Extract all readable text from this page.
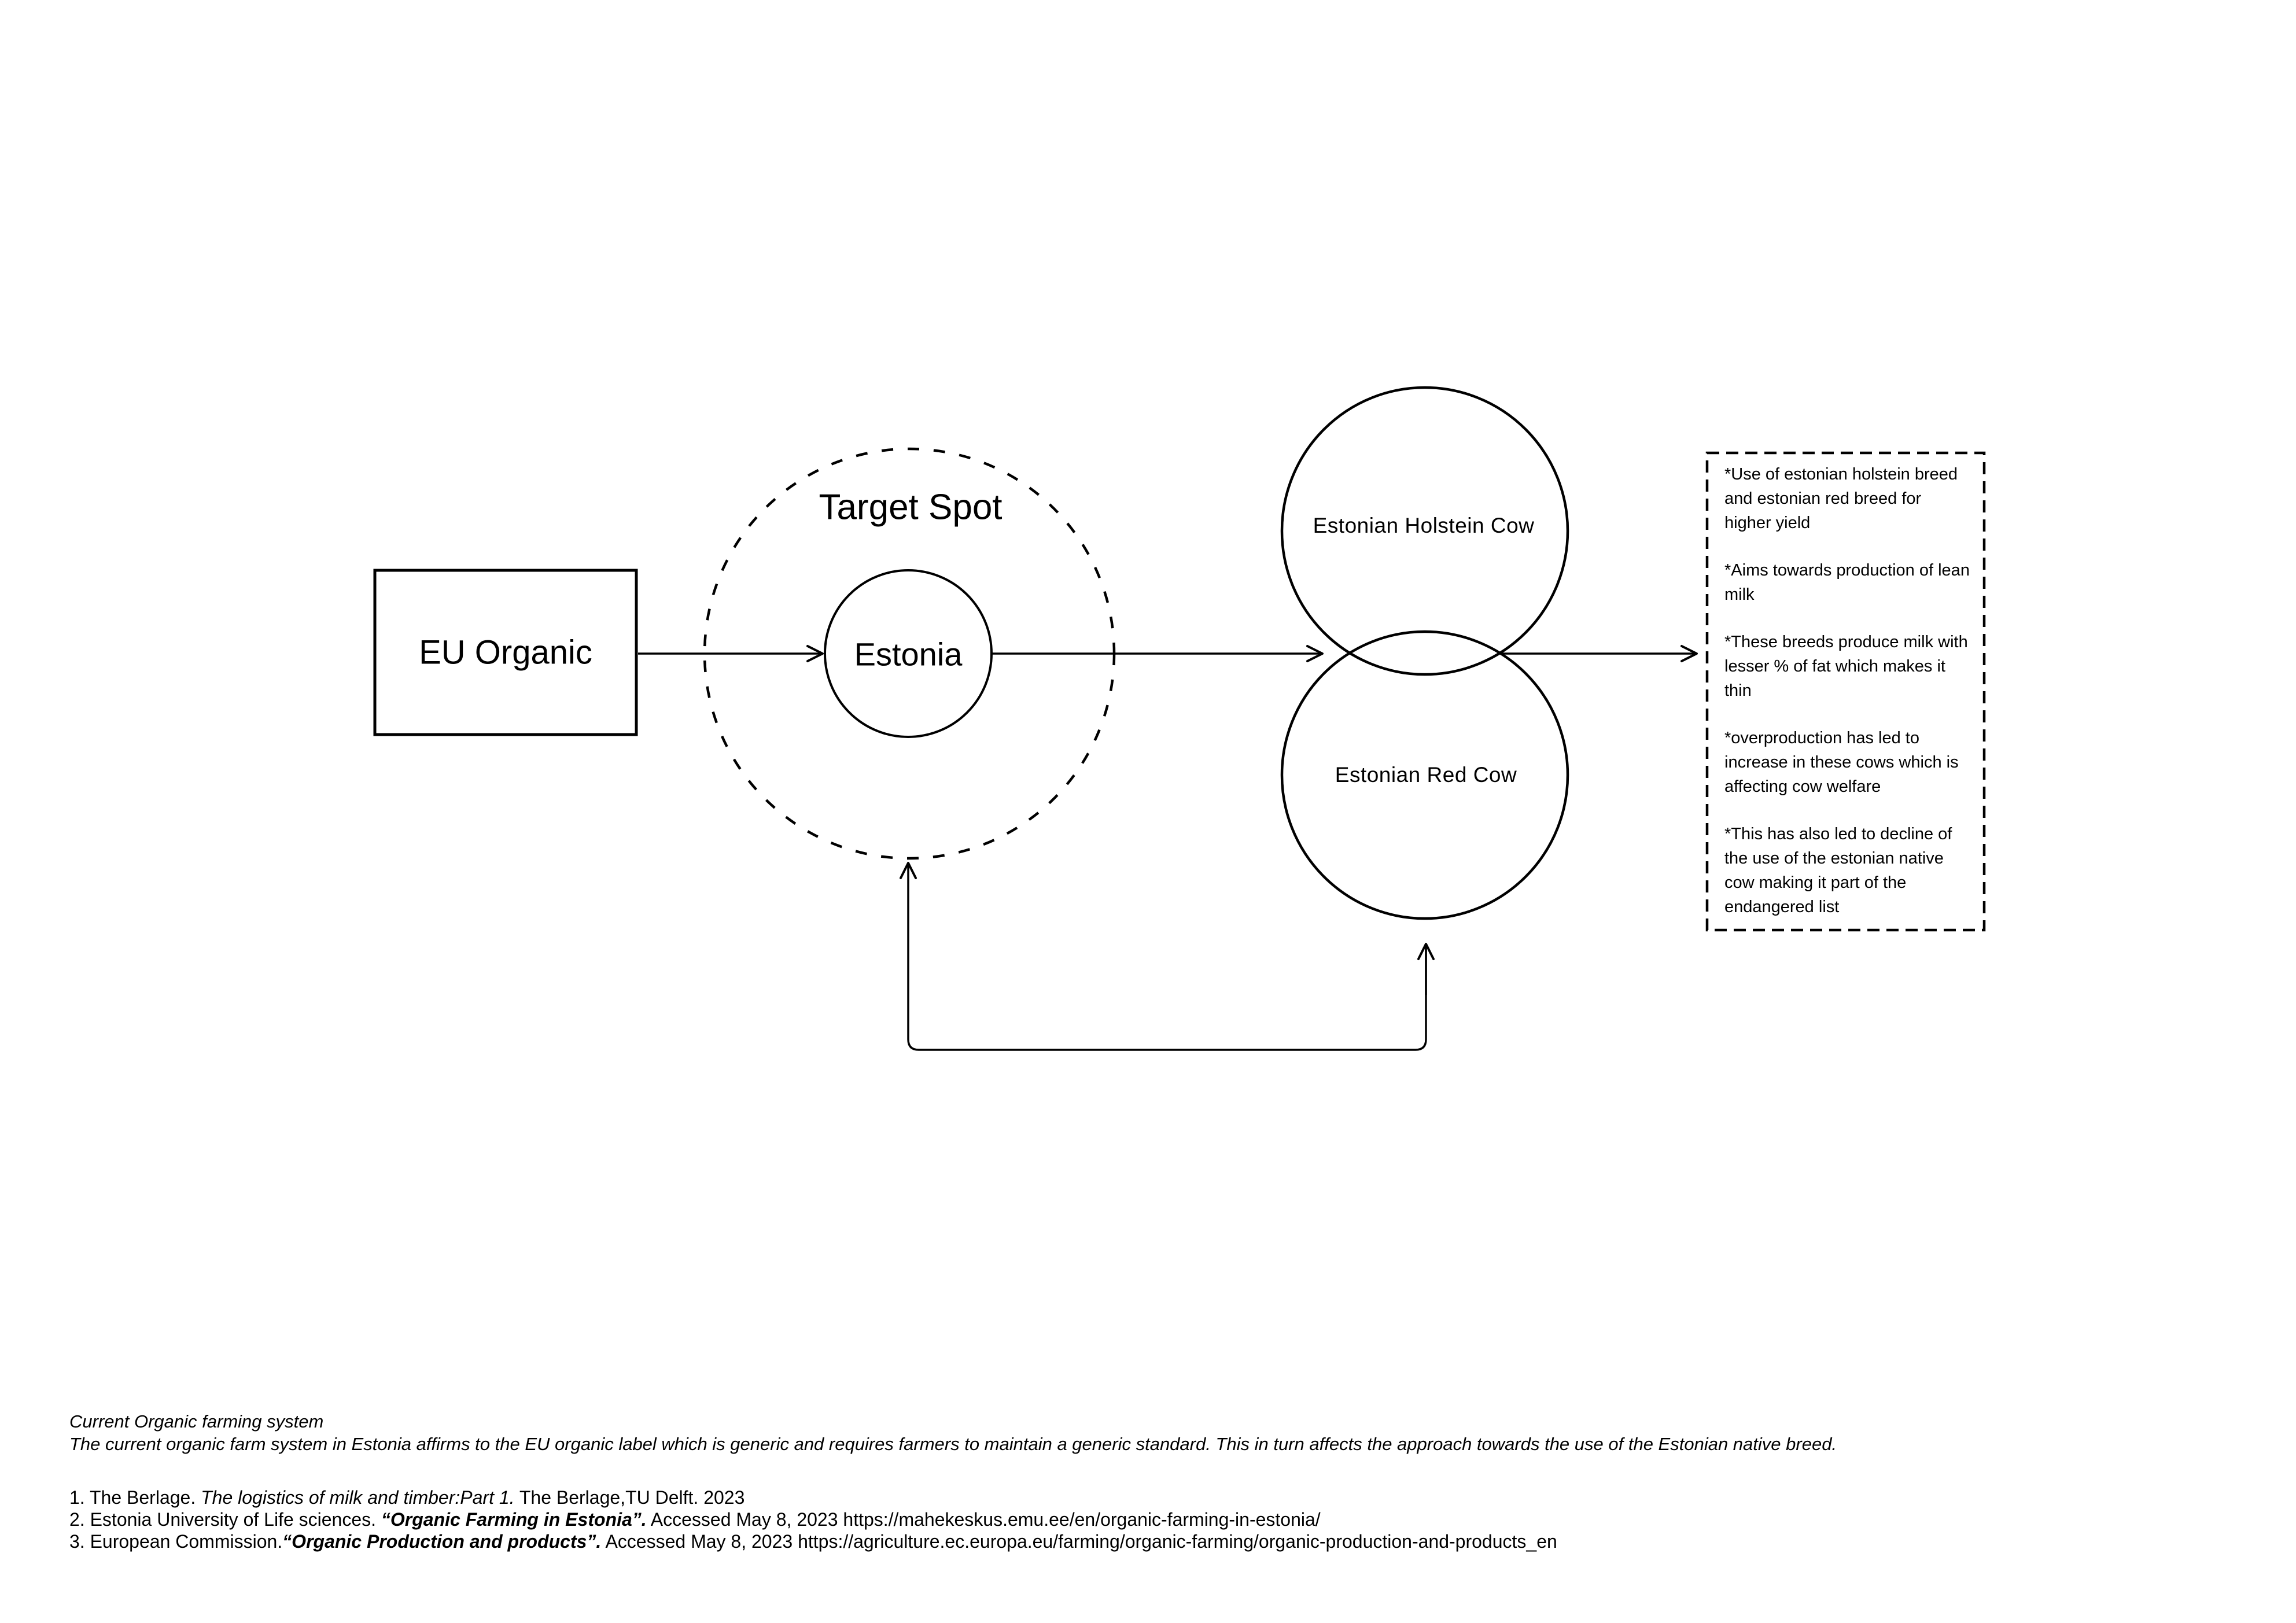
EU Organic
Target Spot
Estonia
Estonian Holstein Cow
Estonian Red Cow

*Use of estonian holstein breed and estonian red breed for higher yield

*Aims towards production of lean milk

*These breeds produce milk with lesser % of fat which makes it thin

*overproduction has led to increase in these cows which is affecting cow welfare

*This has also led to decline of the use of the estonian native cow making it part of the endangered list

Current Organic farming system
The current organic farm system in Estonia affirms to the EU organic label which is generic and requires farmers to maintain a generic standard. This in turn affects the approach towards the use of the Estonian native breed.
1. The Berlage. The logistics of milk and timber:Part 1. The Berlage,TU Delft. 2023
2. Estonia University of Life sciences. “Organic Farming in Estonia”. Accessed May 8, 2023 https://mahekeskus.emu.ee/en/organic-farming-in-estonia/
3. European Commission.“Organic Production and products”. Accessed May 8, 2023 https://agriculture.ec.europa.eu/farming/organic-farming/organic-production-and-products_en
